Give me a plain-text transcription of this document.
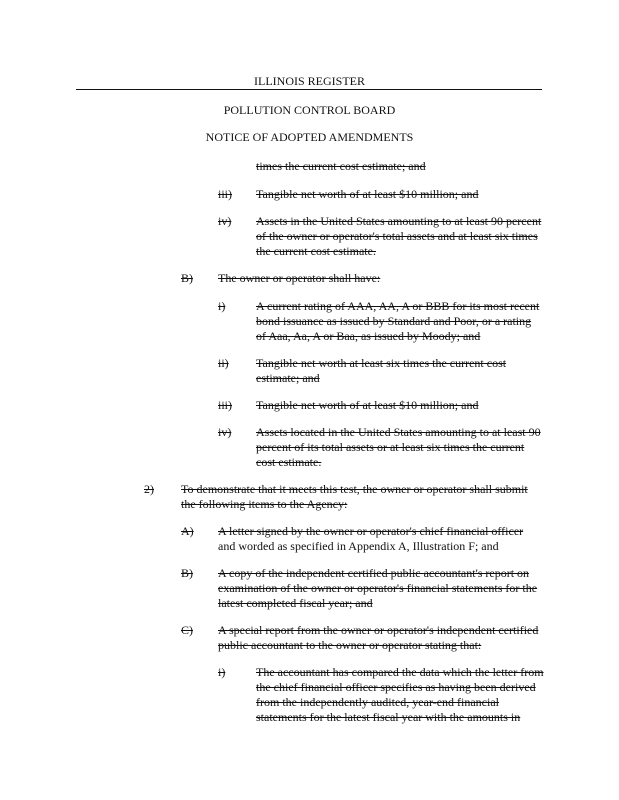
ILLINOIS REGISTER
POLLUTION CONTROL BOARD
NOTICE OF ADOPTED AMENDMENTS
times the current cost estimate; and
iii) Tangible net worth of at least $10 million; and
iv) Assets in the United States amounting to at least 90 percent
of the owner or operator's total assets and at least six times
the current cost estimate.
B) The owner or operator shall have:
i)	A current rating of AAA, AA, A or BBB for its most recent
bond issuance as issued by Standard and Poor, or a rating
of Aaa, Aa, A or Baa, as issued by Moody; and
ii) Tangible net worth at least six times the current cost
estimate; and
iii) Tangible net worth of at least $10 million; and
iv) Assets located in the United States amounting to at least 90
percent of its total assets or at least six times the current
cost estimate.
2) To demonstrate that it meets this test, the owner or operator shall submit
the following items to the Agency:
A) A letter signed by the owner or operator's chief financial officer
and worded as specified in Appendix A, Illustration F; and
B) A copy of the independent certified public accountant's report on
examination of the owner or operator's financial statements for the
latest completed fiscal year; and
C) A special report from the owner or operator's independent certified
public accountant to the owner or operator stating that:
i)	The accountant has compared the data which the letter from
the chief financial officer specifies as having been derived
from the independently audited, year-end financial
statements for the latest fiscal year with the amounts in
